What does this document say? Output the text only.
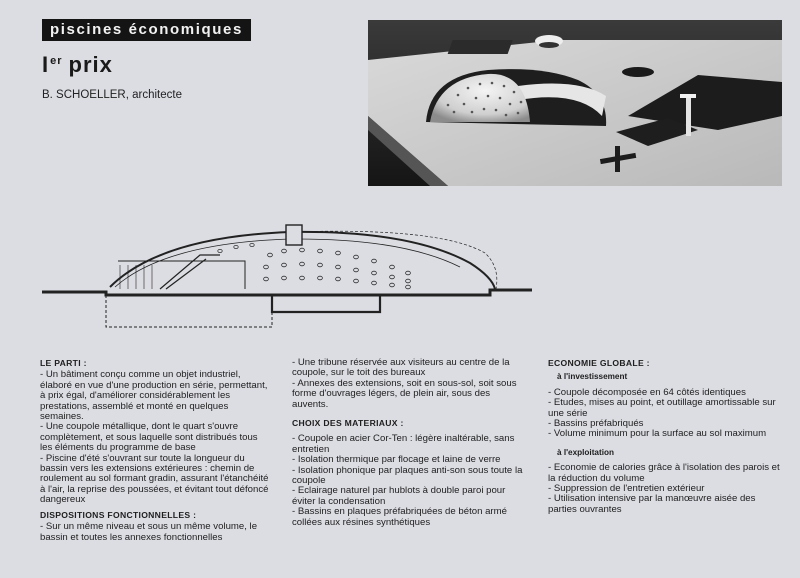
piscines économiques
Ier prix
B. SCHOELLER, architecte

LE PARTI :

- Un bâtiment conçu comme un objet industriel, élaboré en vue d'une production en série, permettant, à prix égal, d'améliorer considérablement les prestations, assemblé et monté en quelques semaines.

- Une coupole métallique, dont le quart s'ouvre complètement, et sous laquelle sont distribués tous les éléments du programme de base

- Piscine d'été s'ouvrant sur toute la longueur du bassin vers les extensions extérieures : chemin de roulement au sol formant gradin, assurant l'étanchéité à l'air, la reprise des poussées, et évitant tout défoncé dangereux

DISPOSITIONS FONCTIONNELLES :

- Sur un même niveau et sous un même volume, le bassin et toutes les annexes fonctionnelles

- Une tribune réservée aux visiteurs au centre de la coupole, sur le toit des bureaux

- Annexes des extensions, soit en sous-sol, soit sous forme d'ouvrages légers, de plein air, sous des auvents.

CHOIX DES MATERIAUX :

- Coupole en acier Cor-Ten : légère inaltérable, sans entretien

- Isolation thermique par flocage et laine de verre

- Isolation phonique par plaques anti-son sous toute la coupole

- Eclairage naturel par hublots à double paroi pour éviter la condensation

- Bassins en plaques préfabriquées de béton armé collées aux résines synthétiques

ECONOMIE GLOBALE :

à l'investissement

- Coupole décomposée en 64 côtés identiques

- Etudes, mises au point, et outillage amortissable sur une série

- Bassins préfabriqués

- Volume minimum pour la surface au sol maximum

à l'exploitation

- Economie de calories grâce à l'isolation des parois et la réduction du volume

- Suppression de l'entretien extérieur

- Utilisation intensive par la manœuvre aisée des parties ouvrantes
